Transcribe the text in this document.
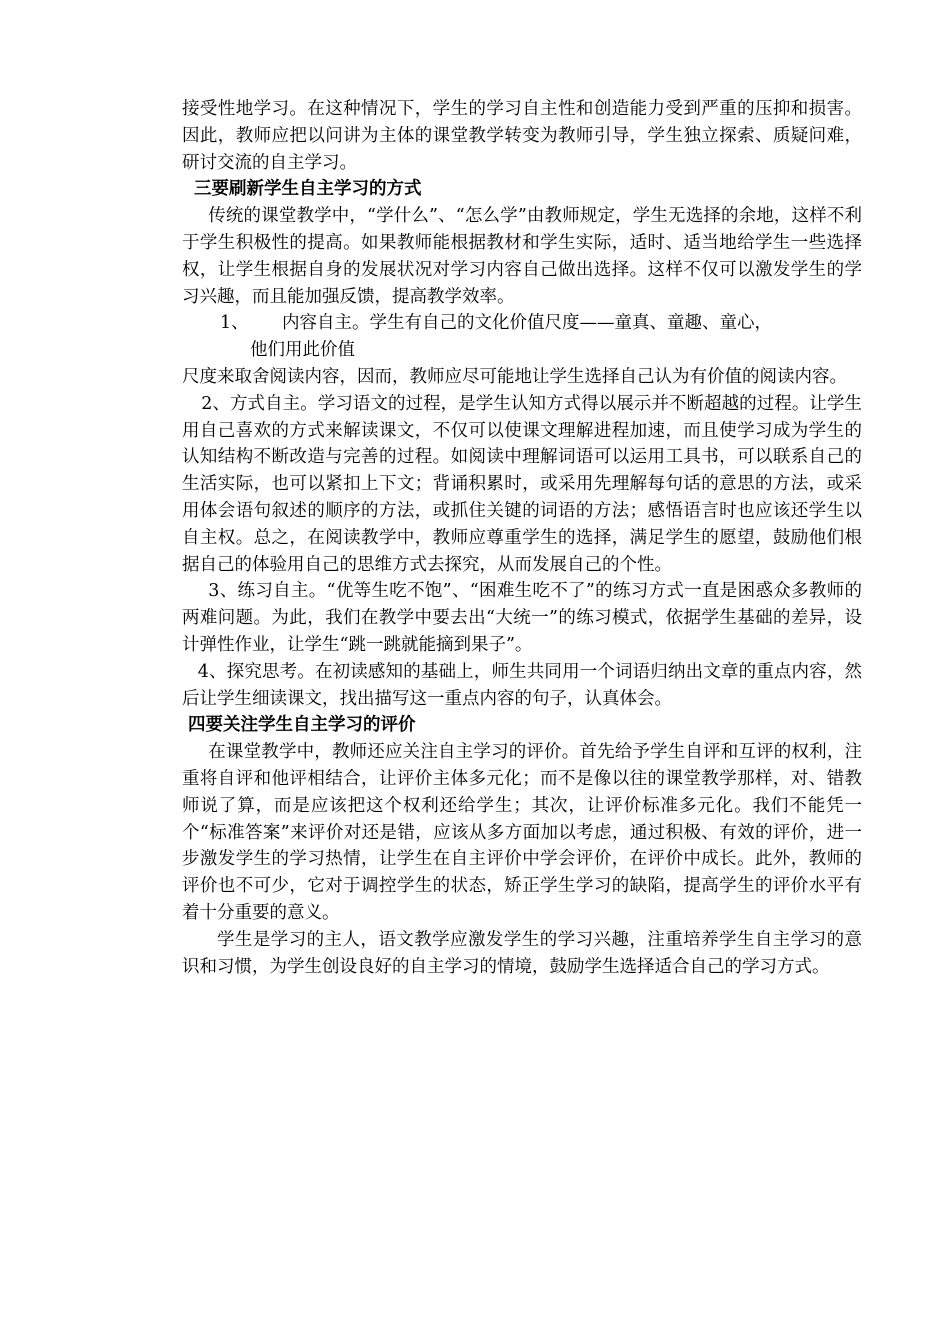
接受性地学习。在这种情况下，学生的学习自主性和创造能力受到严重的压抑和损害。因此，教师应把以问讲为主体的课堂教学转变为教师引导，学生独立探索、质疑问难，研讨交流的自主学习。

三要刷新学生自主学习的方式

传统的课堂教学中，“学什么”、“怎么学”由教师规定，学生无选择的余地，这样不利于学生积极性的提高。如果教师能根据教材和学生实际，适时、适当地给学生一些选择权，让学生根据自身的发展状况对学习内容自己做出选择。这样不仅可以激发学生的学习兴趣，而且能加强反馈，提高教学效率。

1、 内容自主。学生有自己的文化价值尺度——童真、童趣、童心，

他们用此价值

尺度来取舍阅读内容，因而，教师应尽可能地让学生选择自己认为有价值的阅读内容。

2、方式自主。学习语文的过程，是学生认知方式得以展示并不断超越的过程。让学生用自己喜欢的方式来解读课文，不仅可以使课文理解进程加速，而且使学习成为学生的认知结构不断改造与完善的过程。如阅读中理解词语可以运用工具书，可以联系自己的生活实际，也可以紧扣上下文；背诵积累时，或采用先理解每句话的意思的方法，或采用体会语句叙述的顺序的方法，或抓住关键的词语的方法；感悟语言时也应该还学生以自主权。总之，在阅读教学中，教师应尊重学生的选择，满足学生的愿望，鼓励他们根据自己的体验用自己的思维方式去探究，从而发展自己的个性。

3、练习自主。“优等生吃不饱”、“困难生吃不了”的练习方式一直是困惑众多教师的两难问题。为此，我们在教学中要去出“大统一”的练习模式，依据学生基础的差异，设计弹性作业，让学生“跳一跳就能摘到果子”。

4、探究思考。在初读感知的基础上，师生共同用一个词语归纳出文章的重点内容，然后让学生细读课文，找出描写这一重点内容的句子，认真体会。

四要关注学生自主学习的评价

在课堂教学中，教师还应关注自主学习的评价。首先给予学生自评和互评的权利，注重将自评和他评相结合，让评价主体多元化；而不是像以往的课堂教学那样，对、错教师说了算，而是应该把这个权利还给学生；其次，让评价标准多元化。我们不能凭一个“标准答案”来评价对还是错，应该从多方面加以考虑，通过积极、有效的评价，进一步激发学生的学习热情，让学生在自主评价中学会评价，在评价中成长。此外，教师的评价也不可少，它对于调控学生的状态，矫正学生学习的缺陷，提高学生的评价水平有着十分重要的意义。

学生是学习的主人，语文教学应激发学生的学习兴趣，注重培养学生自主学习的意识和习惯，为学生创设良好的自主学习的情境，鼓励学生选择适合自己的学习方式。
